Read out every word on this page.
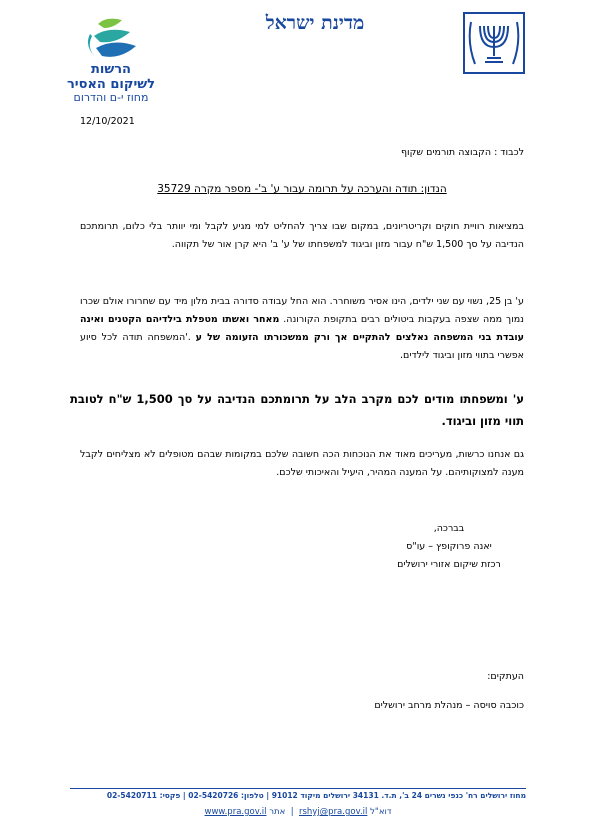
מדינת ישראל
הרשות
לשיקום האסיר
מחוז י-ם והדרום
12/10/2021
לכבוד : הקבוצה תורמים שקוף
הנדון: תודה והערכה על תרומה עבור ע' ב'- מספר מקרה 35729
במציאות רוויית חוקים וקריטריונים, במקום שבו צריך להחליט למי מגיע לקבל ומי יוותר בלי כלום, תרומתכם הנדיבה על סך 1,500 ש"ח עבור מזון וביגוד למשפחתו של ע' ב' היא קרן אור של תקווה.
ע' בן 25, נשוי עם שני ילדים, הינו אסיר משוחרר. הוא החל עבודה סדורה בבית מלון מיד עם שחרורו אולם שכרו נמוך ממה שצפה בעקבות ביטולים רבים בתקופת הקורונה. מאחר ואשתו מטפלת בילדיהם הקטנים ואינה עובדת בני המשפחה נאלצים להתקיים אך ורק ממשכורתו הזעומה של ע .'המשפחה תודה לכל סיוע אפשרי בתווי מזון וביגוד לילדים.
ע' ומשפחתו מודים לכם מקרב הלב על תרומתכם הנדיבה על סך 1,500 ש"ח לטובת תווי מזון וביגוד.
גם אנחנו כרשות, מעריכים מאוד את הנוכחות הכה חשובה שלכם במקומות שבהם מטופלים לא מצליחים לקבל מענה למצוקותיהם. על המענה המהיר, היעיל והאיכותי שלכם.
בברכה,
יאנה פרוקופץ – עו"ס
רכזת שיקום אזורי ירושלים
העתקים:
כוכבה סויסה – מנהלת מרחב ירושלים
מחוז ירושלים רח' כנפי נשרים 24 ב', ת.ד. 34131 ירושלים מיקוד 91012 | טלפון: 02-5420726 | פקסי: 02-5420711
דוא"ל rshyj@pra.gov.il  |  אתר www.pra.gov.il
